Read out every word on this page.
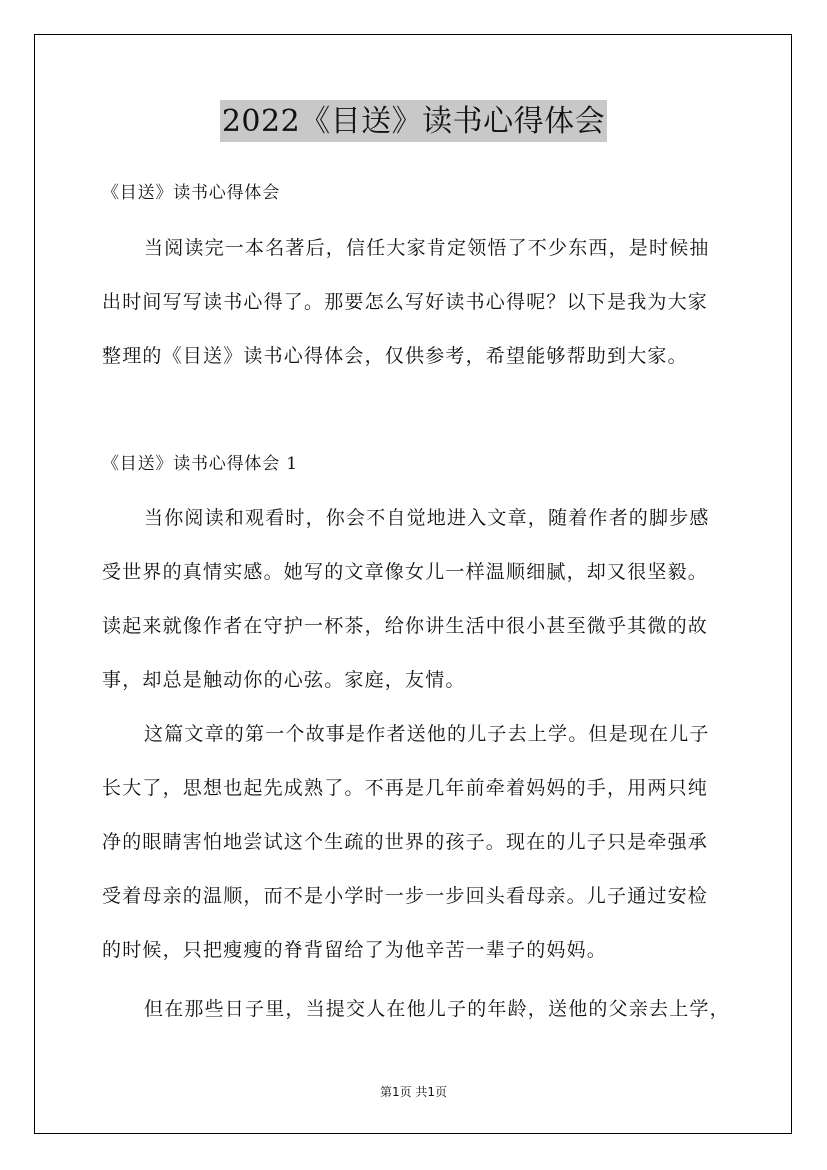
2022《目送》读书心得体会
《目送》读书心得体会
当阅读完一本名著后，信任大家肯定领悟了不少东西，是时候抽
出时间写写读书心得了。那要怎么写好读书心得呢？以下是我为大家
整理的《目送》读书心得体会，仅供参考，希望能够帮助到大家。
《目送》读书心得体会 1
当你阅读和观看时，你会不自觉地进入文章，随着作者的脚步感
受世界的真情实感。她写的文章像女儿一样温顺细腻，却又很坚毅。
读起来就像作者在守护一杯茶，给你讲生活中很小甚至微乎其微的故
事，却总是触动你的心弦。家庭，友情。
这篇文章的第一个故事是作者送他的儿子去上学。但是现在儿子
长大了，思想也起先成熟了。不再是几年前牵着妈妈的手，用两只纯
净的眼睛害怕地尝试这个生疏的世界的孩子。现在的儿子只是牵强承
受着母亲的温顺，而不是小学时一步一步回头看母亲。儿子通过安检
的时候，只把瘦瘦的脊背留给了为他辛苦一辈子的妈妈。
但在那些日子里，当提交人在他儿子的年龄，送他的父亲去上学，
第1页 共1页
